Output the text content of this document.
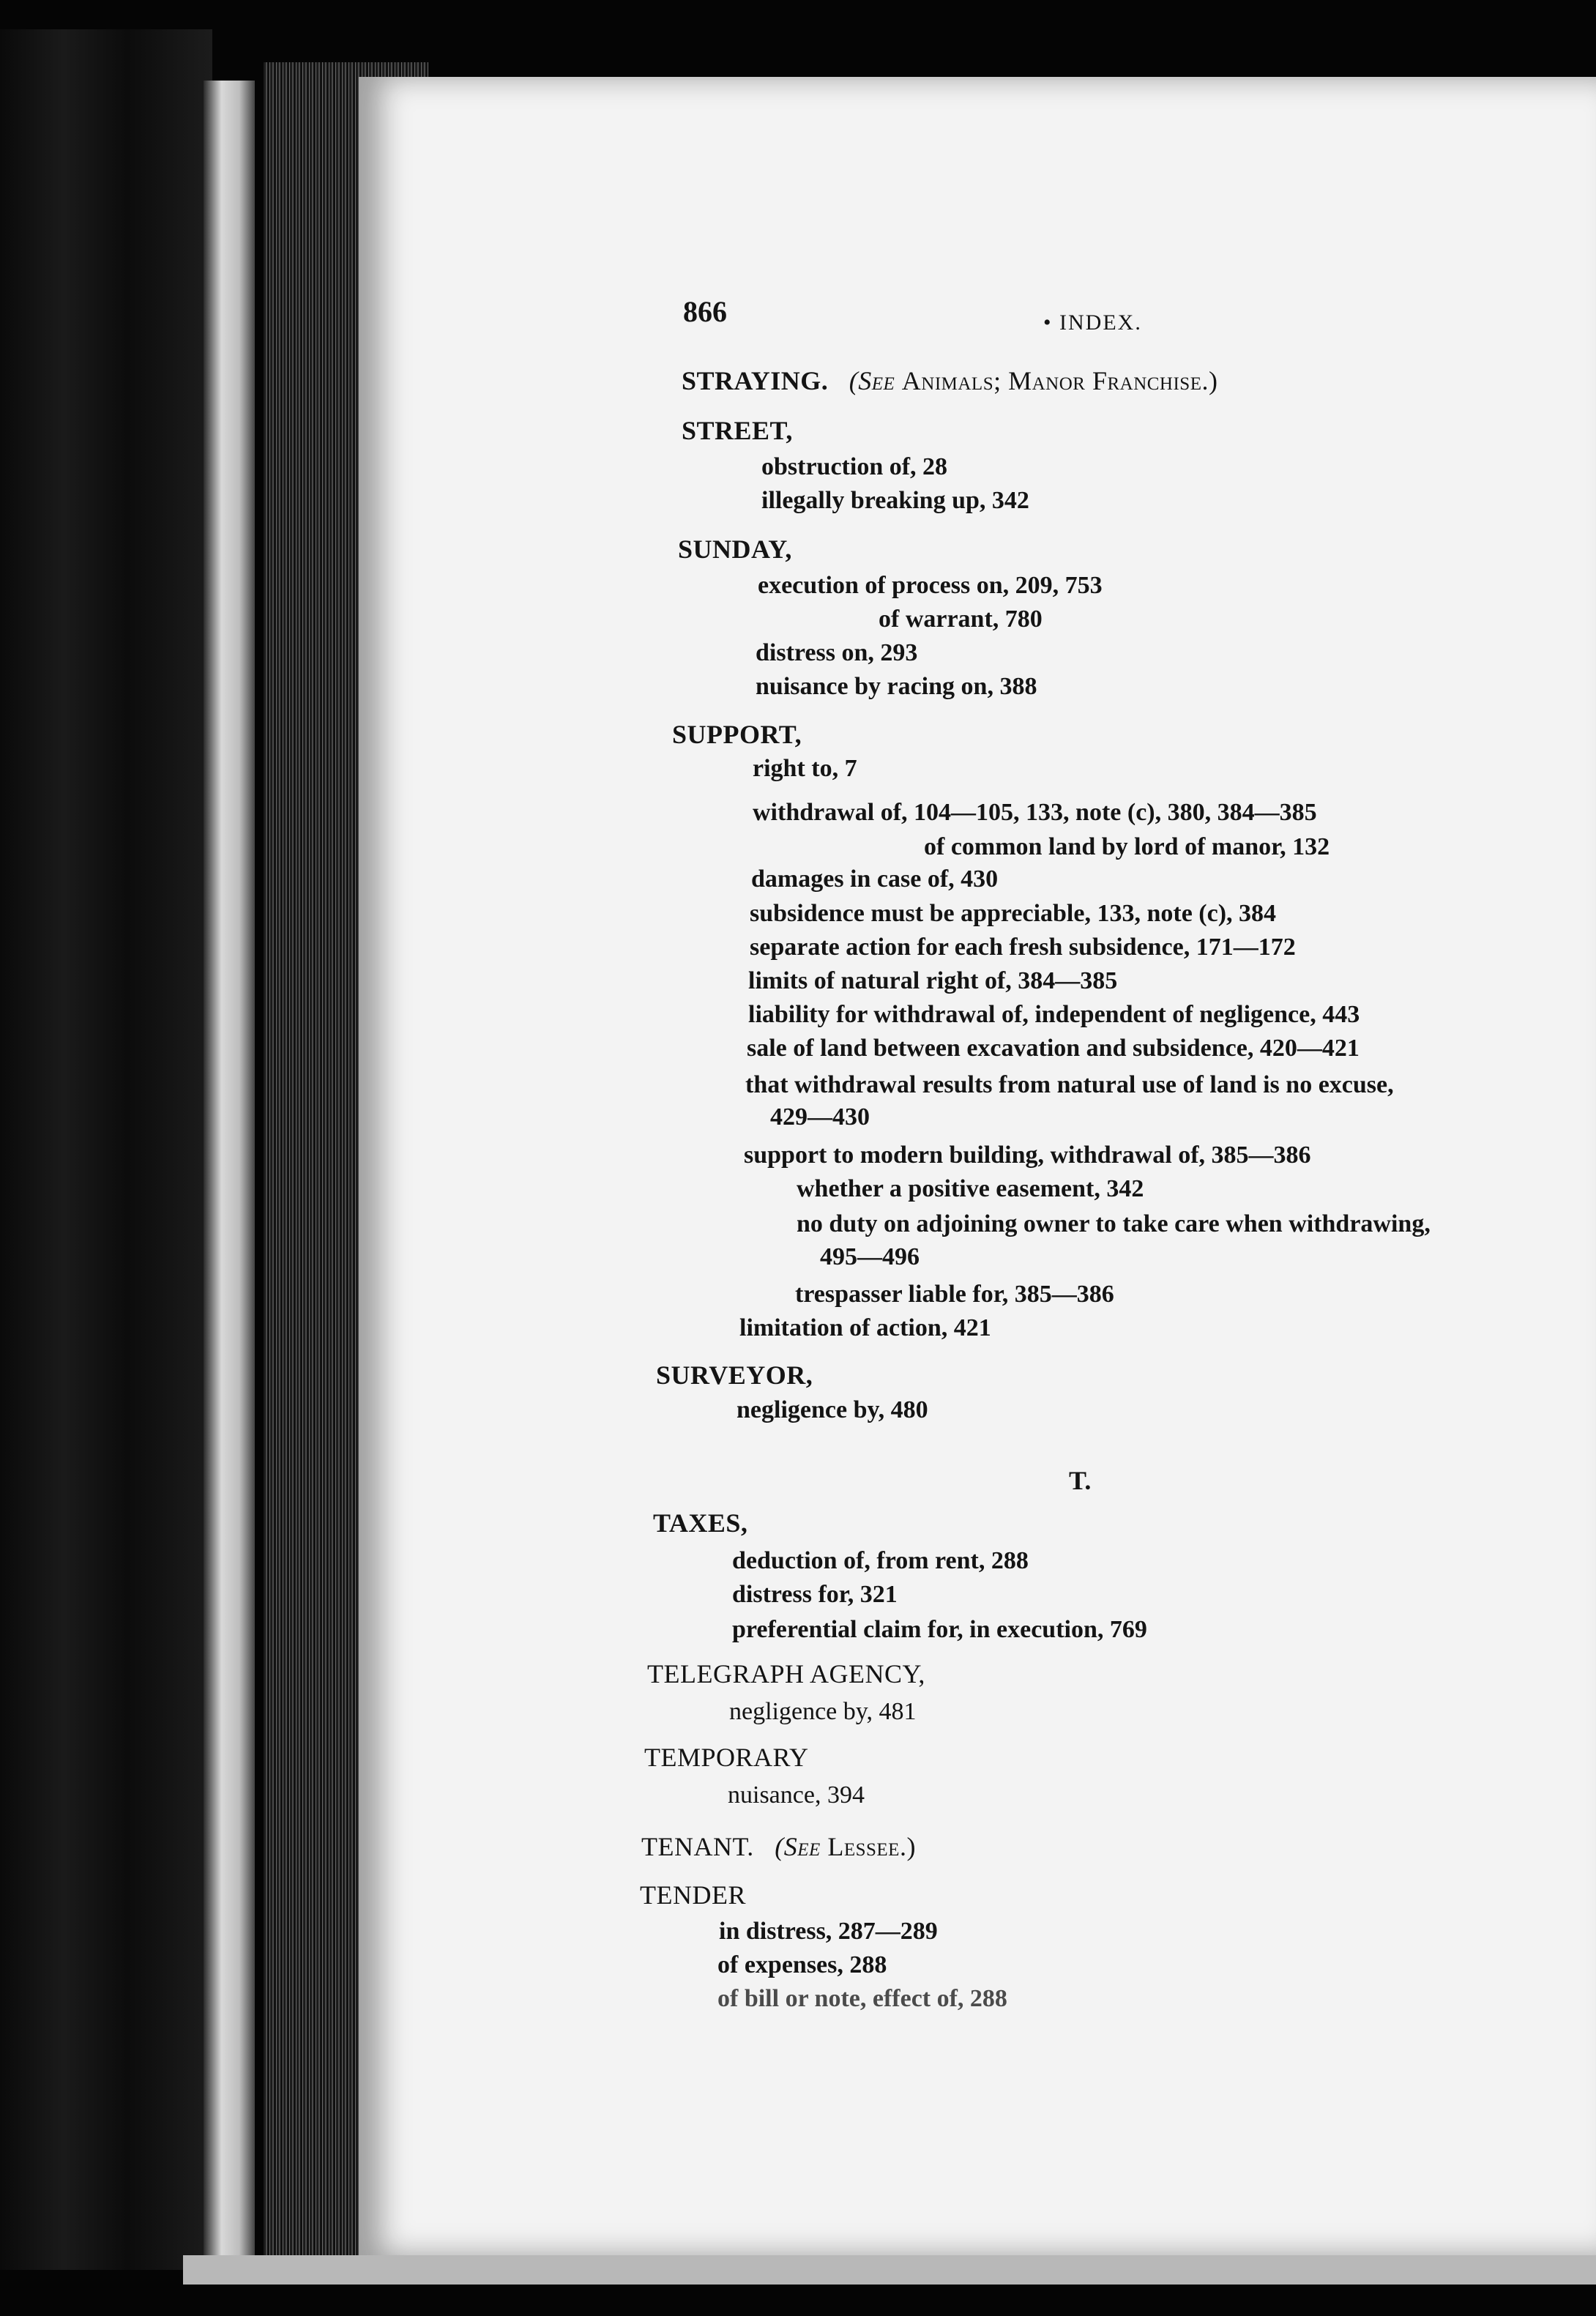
866	• INDEX.
STRAYING. (See Animals; Manor Franchise.)
STREET,
obstruction of, 28
illegally breaking up, 342
SUNDAY,
execution of process on, 209, 753
of warrant, 780
distress on, 293
nuisance by racing on, 388
SUPPORT,
right to, 7
withdrawal of, 104—105, 133, note (c), 380, 384—385
of common land by lord of manor, 132
damages in case of, 430
subsidence must be appreciable, 133, note (c), 384
separate action for each fresh subsidence, 171—172
limits of natural right of, 384—385
liability for withdrawal of, independent of negligence, 443
sale of land between excavation and subsidence, 420—421
that withdrawal results from natural use of land is no excuse,
429—430
support to modern building, withdrawal of, 385—386
whether a positive easement, 342
no duty on adjoining owner to take care when withdrawing,
495—496
trespasser liable for, 385—386
limitation of action, 421
SURVEYOR,
negligence by, 480
T.
TAXES,
deduction of, from rent, 288
distress for, 321
preferential claim for, in execution, 769
TELEGRAPH AGENCY,
negligence by, 481
TEMPORARY
nuisance, 394
TENANT. (See Lessee.)
TENDER
in distress, 287—289
of expenses, 288
of bill or note, effect of, 288
